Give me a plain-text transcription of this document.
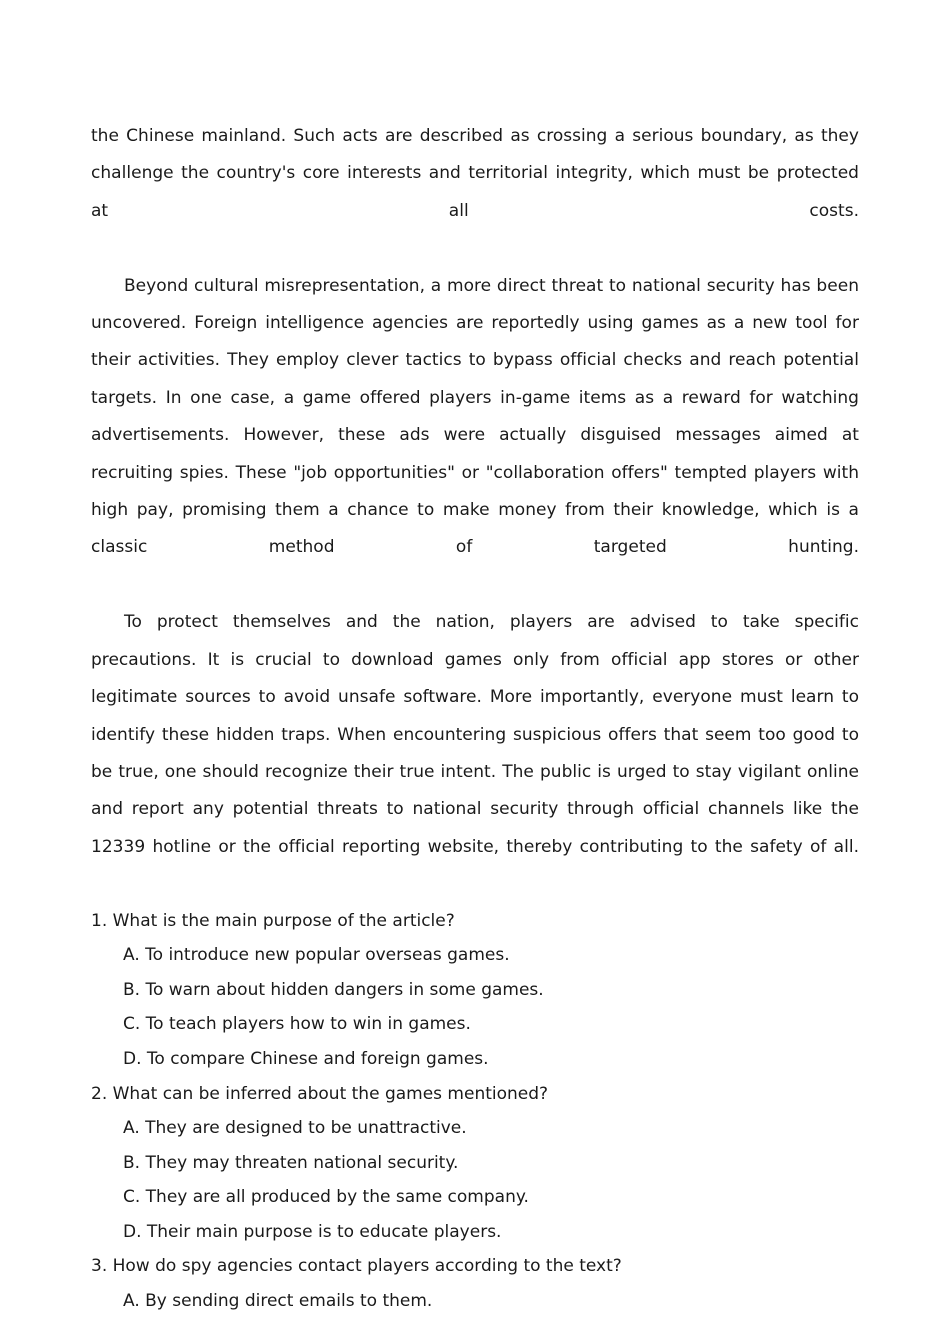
the Chinese mainland. Such acts are described as crossing a serious boundary, as they challenge the country's core interests and territorial integrity, which must be protected at all costs.

Beyond cultural misrepresentation, a more direct threat to national security has been uncovered. Foreign intelligence agencies are reportedly using games as a new tool for their activities. They employ clever tactics to bypass official checks and reach potential targets. In one case, a game offered players in-game items as a reward for watching advertisements. However, these ads were actually disguised messages aimed at recruiting spies. These "job opportunities" or "collaboration offers" tempted players with high pay, promising them a chance to make money from their knowledge, which is a classic method of targeted hunting.

To protect themselves and the nation, players are advised to take specific precautions. It is crucial to download games only from official app stores or other legitimate sources to avoid unsafe software. More importantly, everyone must learn to identify these hidden traps. When encountering suspicious offers that seem too good to be true, one should recognize their true intent. The public is urged to stay vigilant online and report any potential threats to national security through official channels like the 12339 hotline or the official reporting website, thereby contributing to the safety of all.

1. What is the main purpose of the article?
A. To introduce new popular overseas games.
B. To warn about hidden dangers in some games.
C. To teach players how to win in games.
D. To compare Chinese and foreign games.
2. What can be inferred about the games mentioned?
A. They are designed to be unattractive.
B. They may threaten national security.
C. They are all produced by the same company.
D. Their main purpose is to educate players.
3. How do spy agencies contact players according to the text?
A. By sending direct emails to them.
